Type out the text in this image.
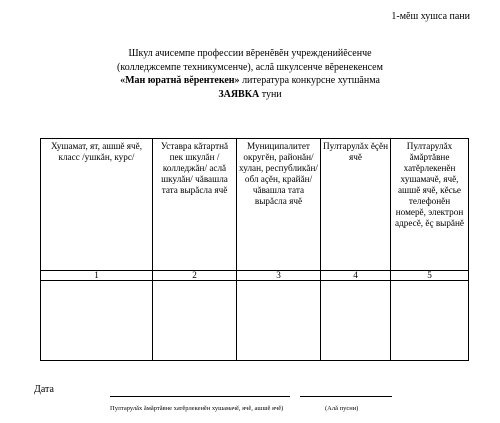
1-мĕш хушса пани
Шкул ачисемпе профессии вĕренĕвĕн учрежденийĕсенче
(колледжсемпе техникумсенче), аслă шкулсенче вĕренекенсем
«Ман юратнă вĕрентекен» литература конкурсне хутшăнма
ЗАЯВКА туни
Хушамат, ят, ашшĕ ячĕ, класс /ушкăн, курс/	Уставра кăтартнă пек шкулăн /колледжăн/ аслă шкулăн/ чăвашла тата вырăсла ячĕ	Муниципалитет округĕн, районăн/хулан, республикăн/обл аçĕн, крайăн/ чăвашла тата вырăсла ячĕ	Пултарулăх ĕçĕн ячĕ	Пултарулăх ăмăртăвне хатĕрлекенĕн хушамачĕ, ячĕ, ашшĕ ячĕ, кĕсье телефонĕн номерĕ, электрон адресĕ, ĕç вырăнĕ
1	2	3	4	5

Дата
Пултарулăх ăмăртăвне хатĕрлекенĕн хушамачĕ, ячĕ, ашшĕ ячĕ)	(Алă пусни)
